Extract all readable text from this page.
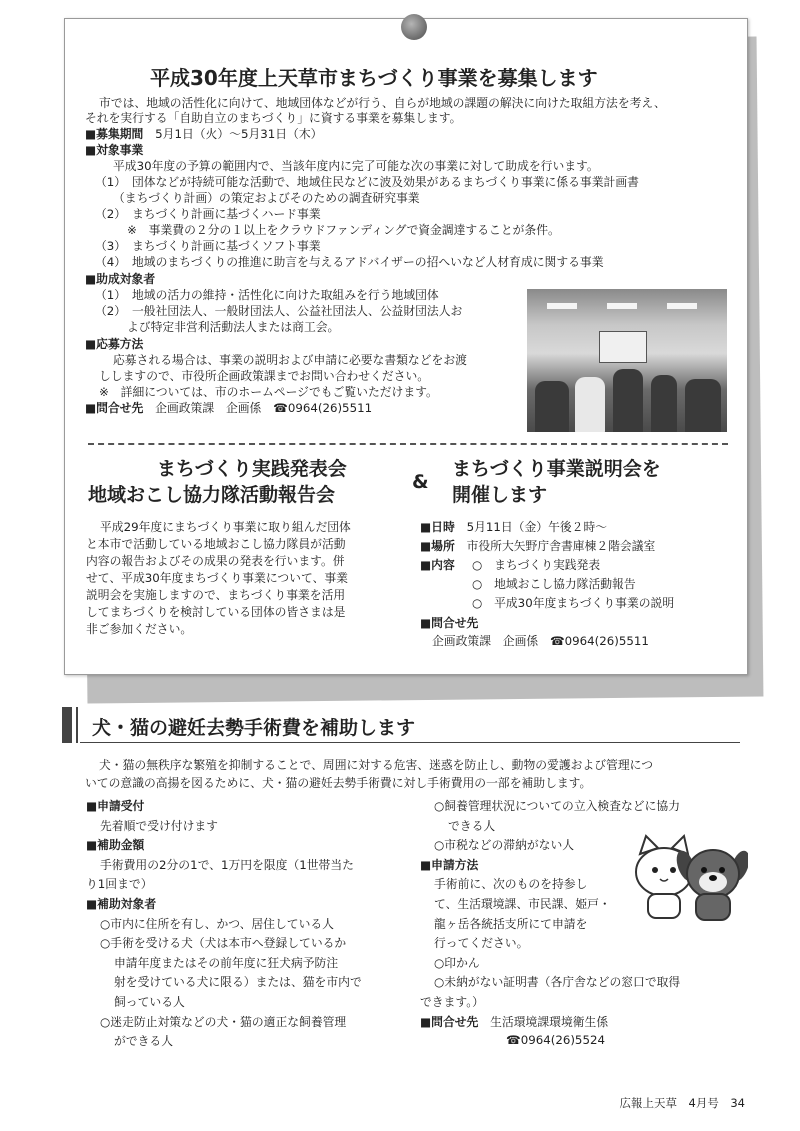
平成30年度上天草市まちづくり事業を募集します
市では、地域の活性化に向けて、地域団体などが行う、自らが地域の課題の解決に向けた取組方法を考え、
それを実行する「自助自立のまちづくり」に資する事業を募集します。
■募集期間　 5月1日（火）～5月31日（木）
■対象事業
平成30年度の予算の範囲内で、当該年度内に完了可能な次の事業に対して助成を行います。
（1）　団体などが持続可能な活動で、地域住民などに波及効果があるまちづくり事業に係る事業計画書
（まちづくり計画）の策定およびそのための調査研究事業
（2）　まちづくり計画に基づくハード事業
※　事業費の２分の１以上をクラウドファンディングで資金調達することが条件。
（3）　まちづくり計画に基づくソフト事業
（4）　地域のまちづくりの推進に助言を与えるアドバイザーの招へいなど人材育成に関する事業
■助成対象者
（1）　地域の活力の維持・活性化に向けた取組みを行う地域団体
（2）　一般社団法人、一般財団法人、公益社団法人、公益財団法人お
よび特定非営利活動法人または商工会。
■応募方法
応募される場合は、事業の説明および申請に必要な書類などをお渡
ししますので、市役所企画政策課までお問い合わせください。
※　詳細については、市のホームページでもご覧いただけます。
■問合せ先　 企画政策課　企画係　☎0964(26)5511
まちづくり実践発表会
地域おこし協力隊活動報告会
&
まちづくり事業説明会を
開催します
平成29年度にまちづくり事業に取り組んだ団体
と本市で活動している地域おこし協力隊員が活動
内容の報告およびその成果の発表を行います。併
せて、平成30年度まちづくり事業について、事業
説明会を実施しますので、まちづくり事業を活用
してまちづくりを検討している団体の皆さまは是
非ご参加ください。
■日時　 5月11日（金）午後２時～
■場所　 市役所大矢野庁舎書庫棟２階会議室
■内容 ○　まちづくり実践発表
○　地域おこし協力隊活動報告
○　平成30年度まちづくり事業の説明
■問合せ先
企画政策課　企画係　☎0964(26)5511
犬・猫の避妊去勢手術費を補助します
犬・猫の無秩序な繁殖を抑制することで、周囲に対する危害、迷惑を防止し、動物の愛護および管理につ
いての意識の高揚を図るために、犬・猫の避妊去勢手術費に対し手術費用の一部を補助します。
■申請受付
先着順で受け付けます
■補助金額
手術費用の2分の1で、1万円を限度（1世帯当た
り1回まで）
■補助対象者
○市内に住所を有し、かつ、居住している人
○手術を受ける犬（犬は本市へ登録しているか
申請年度またはその前年度に狂犬病予防注
射を受けている犬に限る）または、猫を市内で
飼っている人
○迷走防止対策などの犬・猫の適正な飼養管理
ができる人
○飼養管理状況についての立入検査などに協力
できる人
○市税などの滞納がない人
■申請方法
手術前に、次のものを持参し
て、生活環境課、市民課、姫戸・
龍ヶ岳各統括支所にて申請を
行ってください。
○印かん
○未納がない証明書（各庁舎などの窓口で取得
できます。）
■問合せ先　 生活環境課環境衛生係
☎0964(26)5524
広報上天草　4月号　34
